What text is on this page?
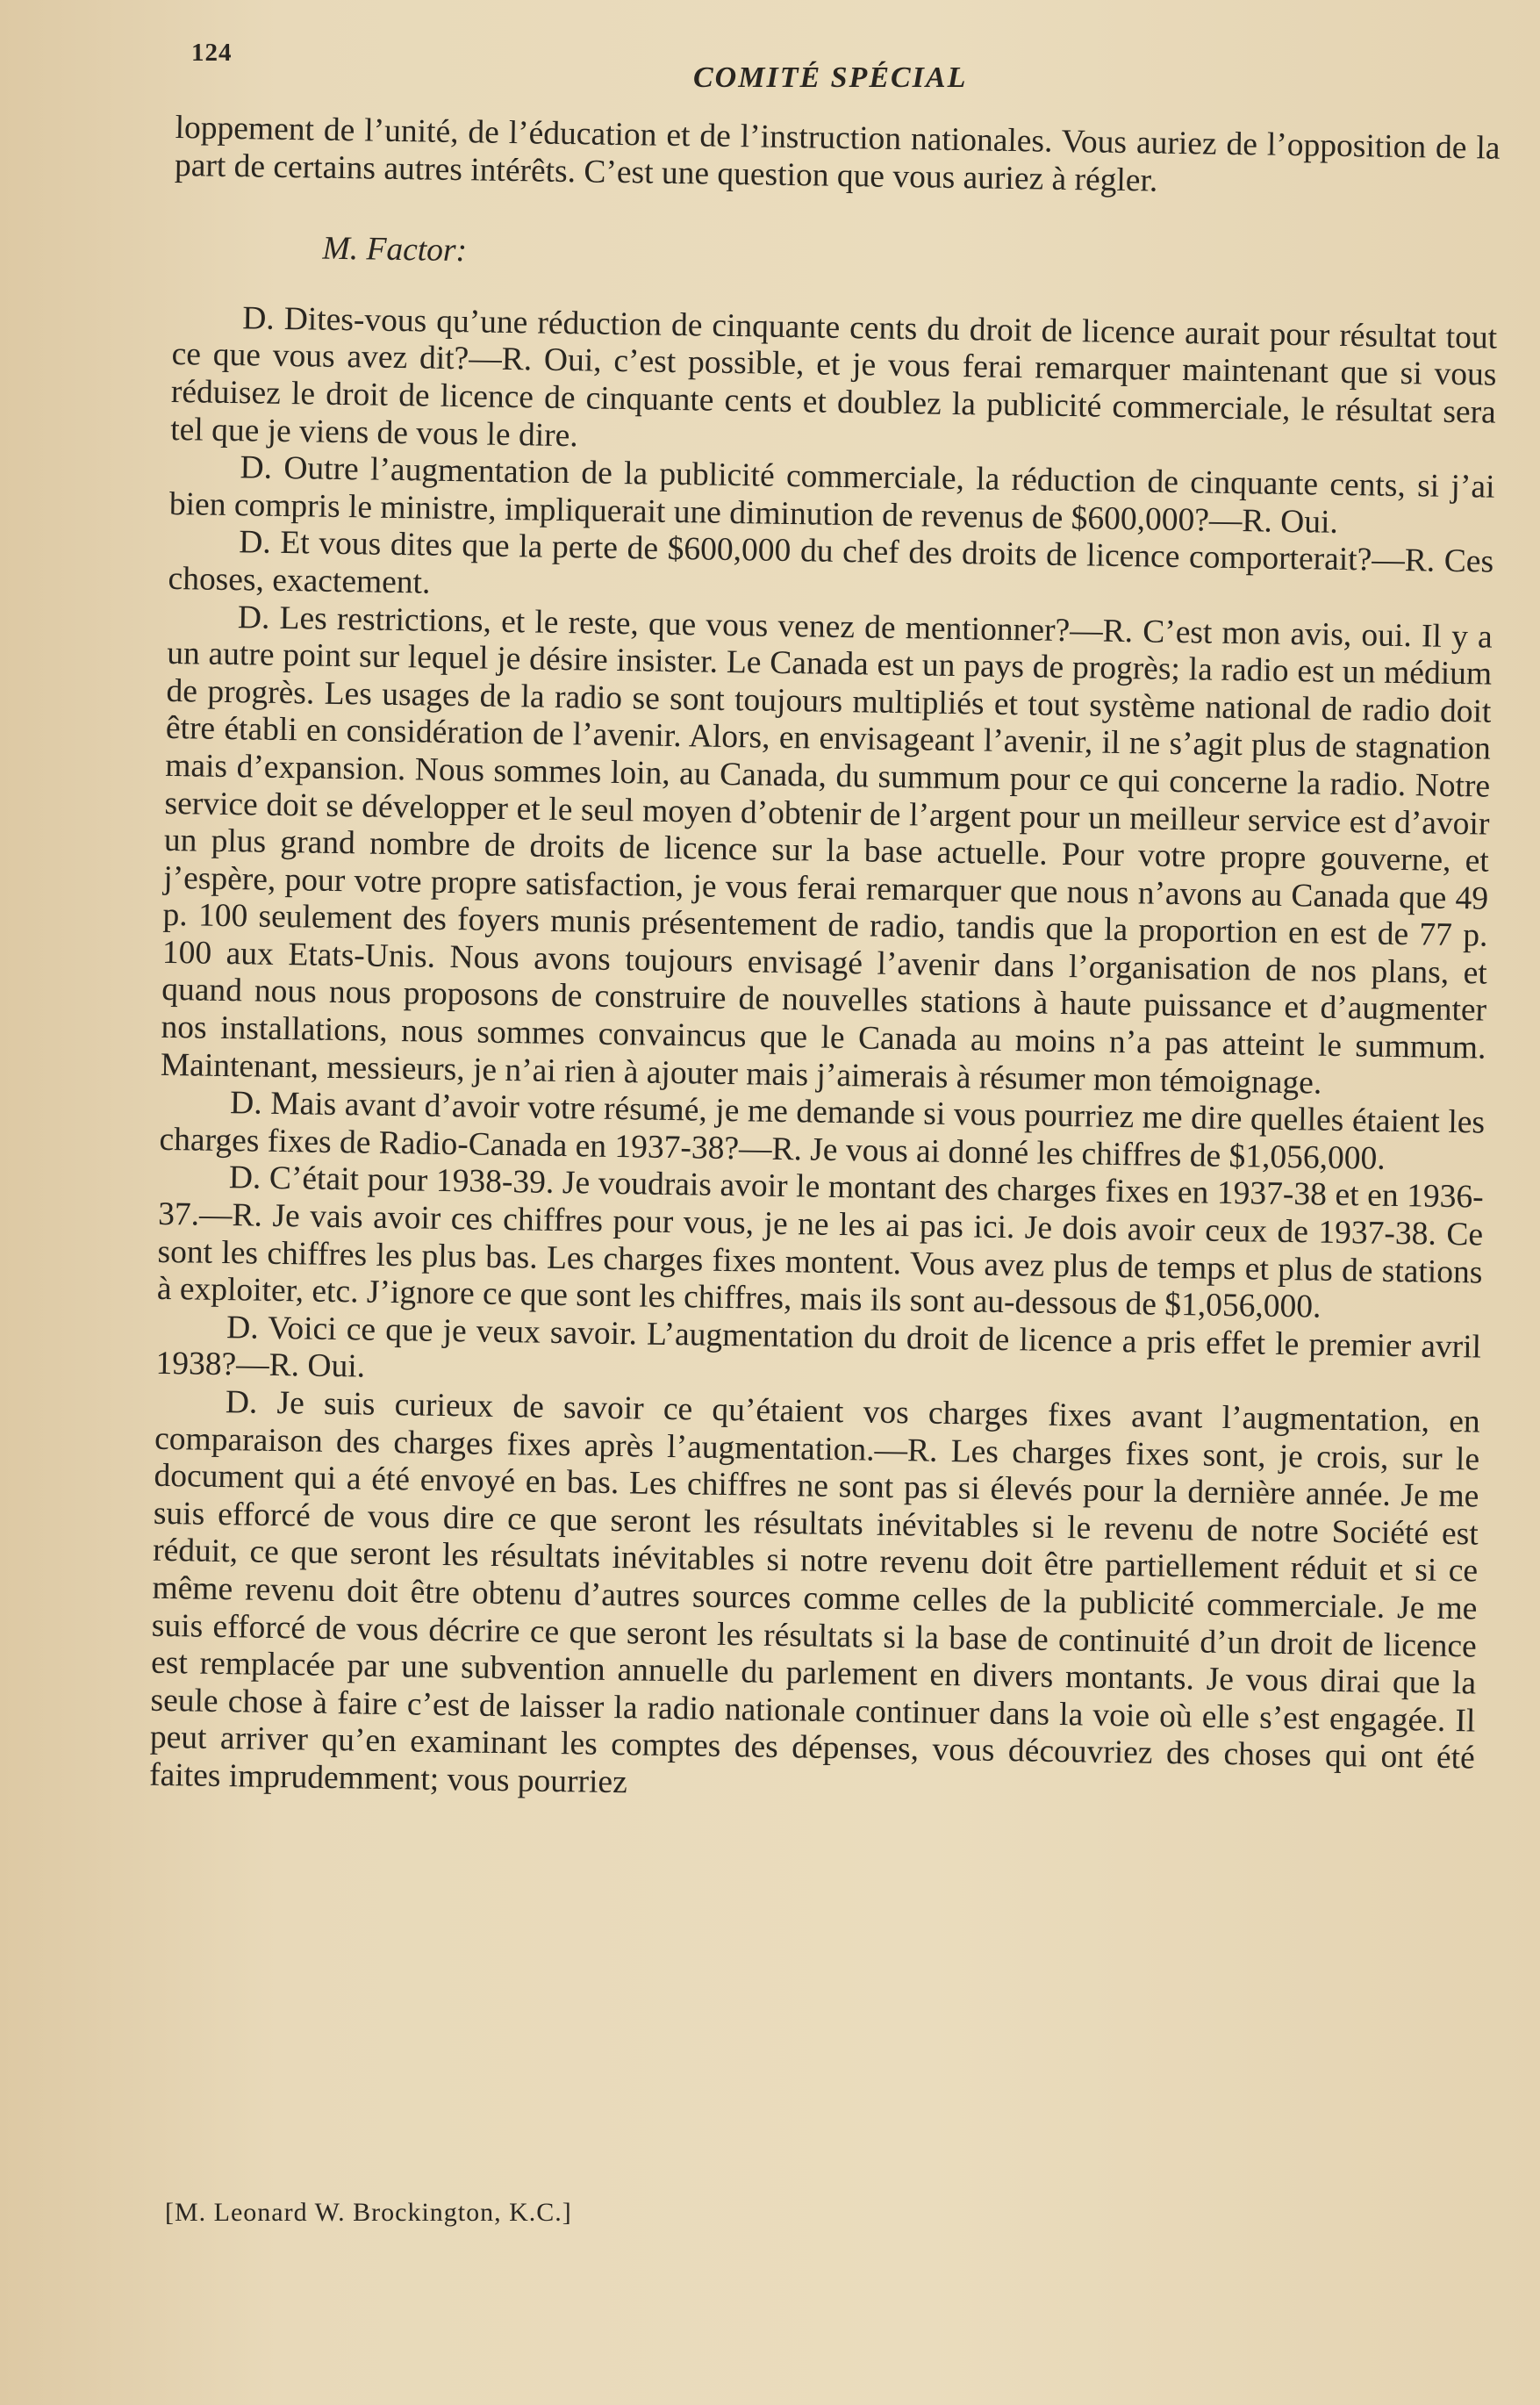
124
COMITÉ SPÉCIAL

loppement de l’unité, de l’éducation et de l’instruction nationales. Vous auriez de l’opposition de la part de certains autres intérêts. C’est une question que vous auriez à régler.

M. Factor:

D. Dites-vous qu’une réduction de cinquante cents du droit de licence aurait pour résultat tout ce que vous avez dit?—R. Oui, c’est possible, et je vous ferai remarquer maintenant que si vous réduisez le droit de licence de cinquante cents et doublez la publicité commerciale, le résultat sera tel que je viens de vous le dire.

D. Outre l’augmentation de la publicité commerciale, la réduction de cinquante cents, si j’ai bien compris le ministre, impliquerait une diminution de revenus de $600,000?—R. Oui.

D. Et vous dites que la perte de $600,000 du chef des droits de licence comporterait?—R. Ces choses, exactement.

D. Les restrictions, et le reste, que vous venez de mentionner?—R. C’est mon avis, oui. Il y a un autre point sur lequel je désire insister. Le Canada est un pays de progrès; la radio est un médium de progrès. Les usages de la radio se sont toujours multipliés et tout système national de radio doit être établi en considération de l’avenir. Alors, en envisageant l’avenir, il ne s’agit plus de stagnation mais d’expansion. Nous sommes loin, au Canada, du summum pour ce qui concerne la radio. Notre service doit se développer et le seul moyen d’obtenir de l’argent pour un meilleur service est d’avoir un plus grand nombre de droits de licence sur la base actuelle. Pour votre propre gouverne, et j’espère, pour votre propre satisfaction, je vous ferai remarquer que nous n’avons au Canada que 49 p. 100 seulement des foyers munis présentement de radio, tandis que la proportion en est de 77 p. 100 aux Etats-Unis. Nous avons toujours envisagé l’avenir dans l’organisation de nos plans, et quand nous nous proposons de construire de nouvelles stations à haute puissance et d’augmenter nos installations, nous sommes convaincus que le Canada au moins n’a pas atteint le summum. Maintenant, messieurs, je n’ai rien à ajouter mais j’aimerais à résumer mon témoignage.

D. Mais avant d’avoir votre résumé, je me demande si vous pourriez me dire quelles étaient les charges fixes de Radio-Canada en 1937-38?—R. Je vous ai donné les chiffres de $1,056,000.

D. C’était pour 1938-39. Je voudrais avoir le montant des charges fixes en 1937-38 et en 1936-37.—R. Je vais avoir ces chiffres pour vous, je ne les ai pas ici. Je dois avoir ceux de 1937-38. Ce sont les chiffres les plus bas. Les charges fixes montent. Vous avez plus de temps et plus de stations à exploiter, etc. J’ignore ce que sont les chiffres, mais ils sont au-dessous de $1,056,000.

D. Voici ce que je veux savoir. L’augmentation du droit de licence a pris effet le premier avril 1938?—R. Oui.

D. Je suis curieux de savoir ce qu’étaient vos charges fixes avant l’augmentation, en comparaison des charges fixes après l’augmentation.—R. Les charges fixes sont, je crois, sur le document qui a été envoyé en bas. Les chiffres ne sont pas si élevés pour la dernière année. Je me suis efforcé de vous dire ce que seront les résultats inévitables si le revenu de notre Société est réduit, ce que seront les résultats inévitables si notre revenu doit être partiellement réduit et si ce même revenu doit être obtenu d’autres sources comme celles de la publicité commerciale. Je me suis efforcé de vous décrire ce que seront les résultats si la base de continuité d’un droit de licence est remplacée par une subvention annuelle du parlement en divers montants. Je vous dirai que la seule chose à faire c’est de laisser la radio nationale continuer dans la voie où elle s’est engagée. Il peut arriver qu’en examinant les comptes des dépenses, vous découvriez des choses qui ont été faites imprudemment; vous pourriez

[M. Leonard W. Brockington, K.C.]
